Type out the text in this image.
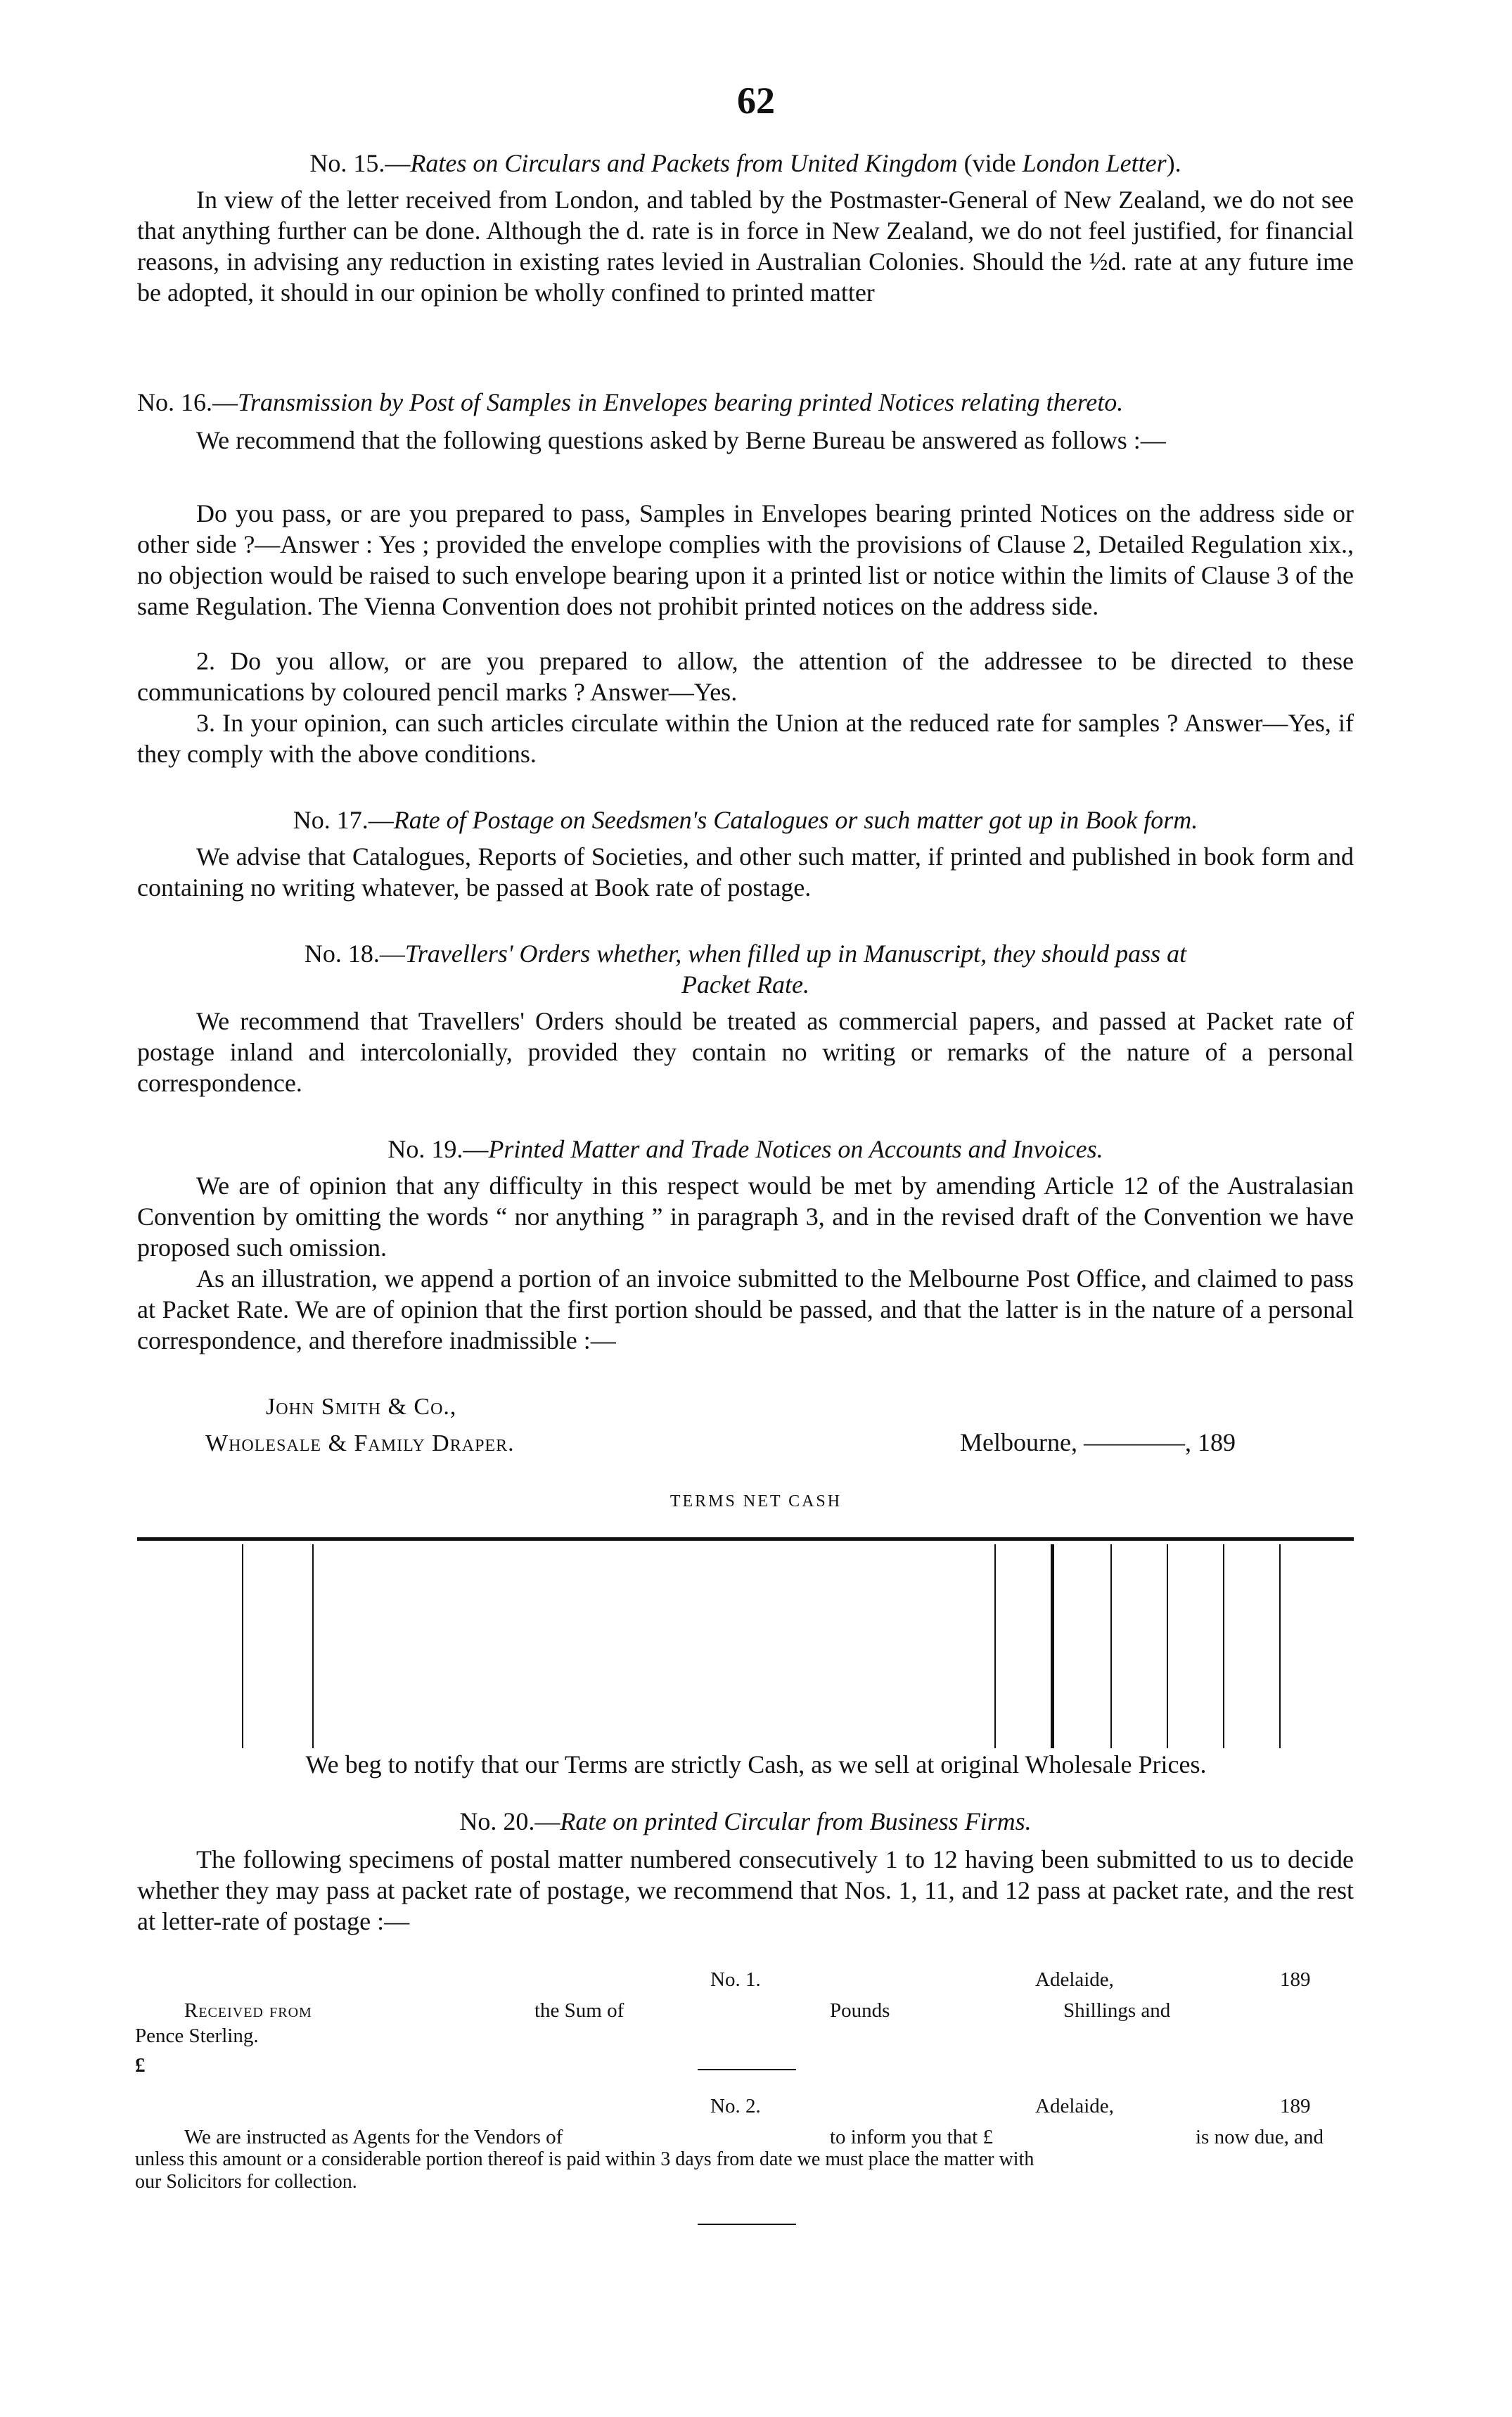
62
No. 15.—Rates on Circulars and Packets from United Kingdom (vide London Letter).

In view of the letter received from London, and tabled by the Postmaster-General of New Zealand, we do not see that anything further can be done. Although the d. rate is in force in New Zealand, we do not feel justified, for financial reasons, in advising any reduction in existing rates levied in Australian Colonies. Should the ½d. rate at any future ime be adopted, it should in our opinion be wholly confined to printed matter

No. 16.—Transmission by Post of Samples in Envelopes bearing printed Notices relating thereto.

We recommend that the following questions asked by Berne Bureau be answered as follows :—

Do you pass, or are you prepared to pass, Samples in Envelopes bearing printed Notices on the address side or other side ?—Answer : Yes ; provided the envelope complies with the provisions of Clause 2, Detailed Regulation xix., no objection would be raised to such envelope bearing upon it a printed list or notice within the limits of Clause 3 of the same Regulation. The Vienna Convention does not prohibit printed notices on the address side.

2. Do you allow, or are you prepared to allow, the attention of the addressee to be directed to these communications by coloured pencil marks ? Answer—Yes.

3. In your opinion, can such articles circulate within the Union at the reduced rate for samples ? Answer—Yes, if they comply with the above conditions.

No. 17.—Rate of Postage on Seedsmen's Catalogues or such matter got up in Book form.

We advise that Catalogues, Reports of Societies, and other such matter, if printed and published in book form and containing no writing whatever, be passed at Book rate of postage.

No. 18.—Travellers' Orders whether, when filled up in Manuscript, they should pass at
Packet Rate.

We recommend that Travellers' Orders should be treated as commercial papers, and passed at Packet rate of postage inland and intercolonially, provided they contain no writing or remarks of the nature of a personal correspondence.

No. 19.—Printed Matter and Trade Notices on Accounts and Invoices.

We are of opinion that any difficulty in this respect would be met by amending Article 12 of the Australasian Convention by omitting the words “ nor anything ” in paragraph 3, and in the revised draft of the Convention we have proposed such omission.

As an illustration, we append a portion of an invoice submitted to the Melbourne Post Office, and claimed to pass at Packet Rate. We are of opinion that the first portion should be passed, and that the latter is in the nature of a personal correspondence, and therefore inadmissible :—

John Smith & Co.,
Wholesale & Family Draper.	Melbourne, ————, 189
TERMS NET CASH
We beg to notify that our Terms are strictly Cash, as we sell at original Wholesale Prices.
No. 20.—Rate on printed Circular from Business Firms.

The following specimens of postal matter numbered consecutively 1 to 12 having been submitted to us to decide whether they may pass at packet rate of postage, we recommend that Nos. 1, 11, and 12 pass at packet rate, and the rest at letter-rate of postage :—

No. 1.	Adelaide,	189
Received from	the Sum of	Pounds	Shillings and
Pence Sterling.
£
No. 2.	Adelaide,	189
We are instructed as Agents for the Vendors of	to inform you that £	is now due, and
unless this amount or a considerable portion thereof is paid within 3 days from date we must place the matter with
our Solicitors for collection.
